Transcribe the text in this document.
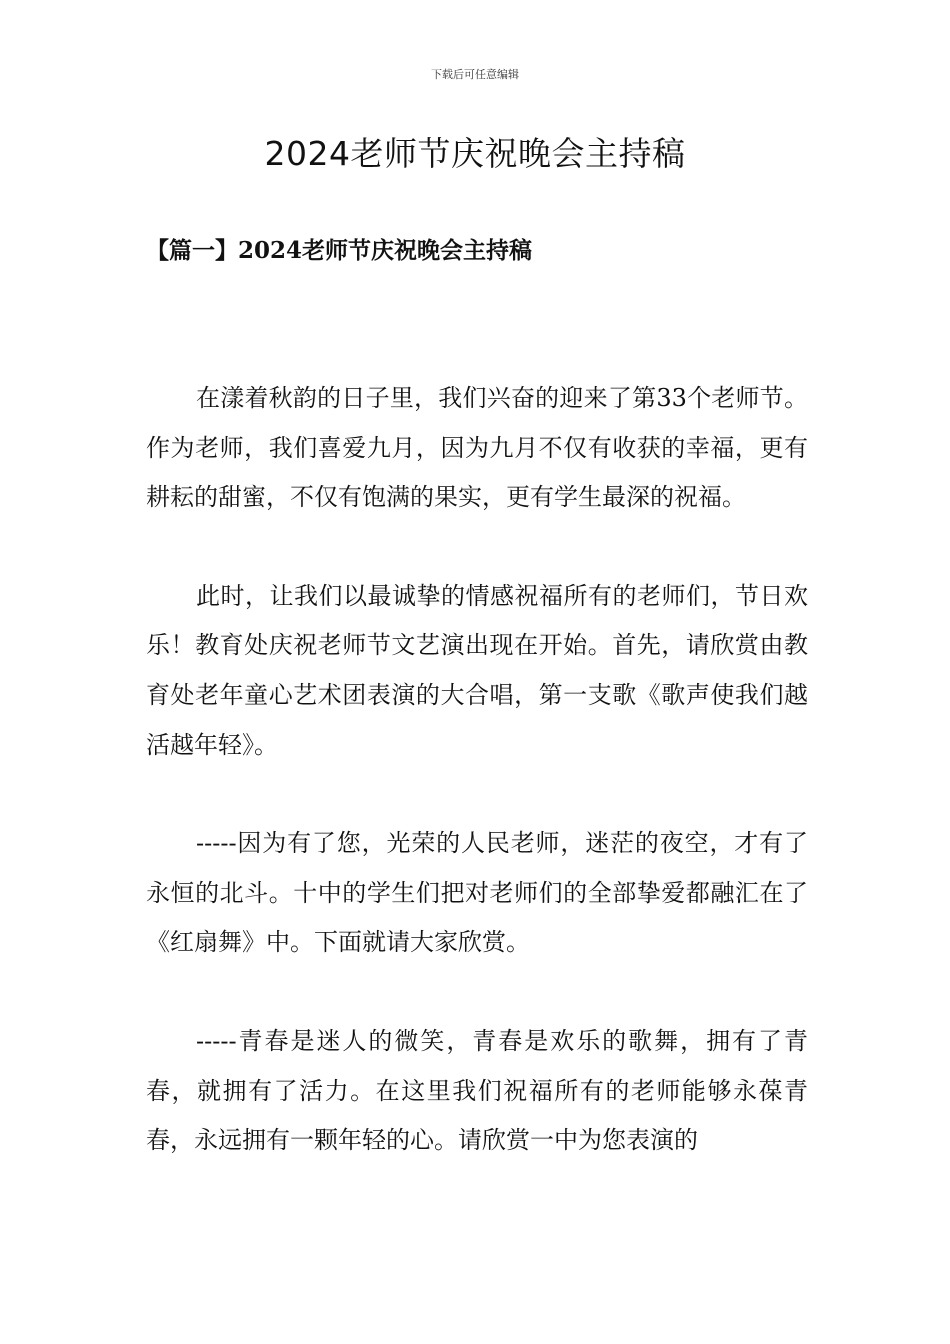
下载后可任意编辑
2024老师节庆祝晚会主持稿
【篇一】2024老师节庆祝晚会主持稿

在漾着秋韵的日子里，我们兴奋的迎来了第33个老师节。作为老师，我们喜爱九月，因为九月不仅有收获的幸福，更有耕耘的甜蜜，不仅有饱满的果实，更有学生最深的祝福。

此时，让我们以最诚挚的情感祝福所有的老师们，节日欢乐！教育处庆祝老师节文艺演出现在开始。首先，请欣赏由教育处老年童心艺术团表演的大合唱，第一支歌《歌声使我们越活越年轻》。

-----因为有了您，光荣的人民老师，迷茫的夜空，才有了永恒的北斗。十中的学生们把对老师们的全部挚爱都融汇在了《红扇舞》中。下面就请大家欣赏。

-----青春是迷人的微笑，青春是欢乐的歌舞，拥有了青春，就拥有了活力。在这里我们祝福所有的老师能够永葆青春，永远拥有一颗年轻的心。请欣赏一中为您表演的
